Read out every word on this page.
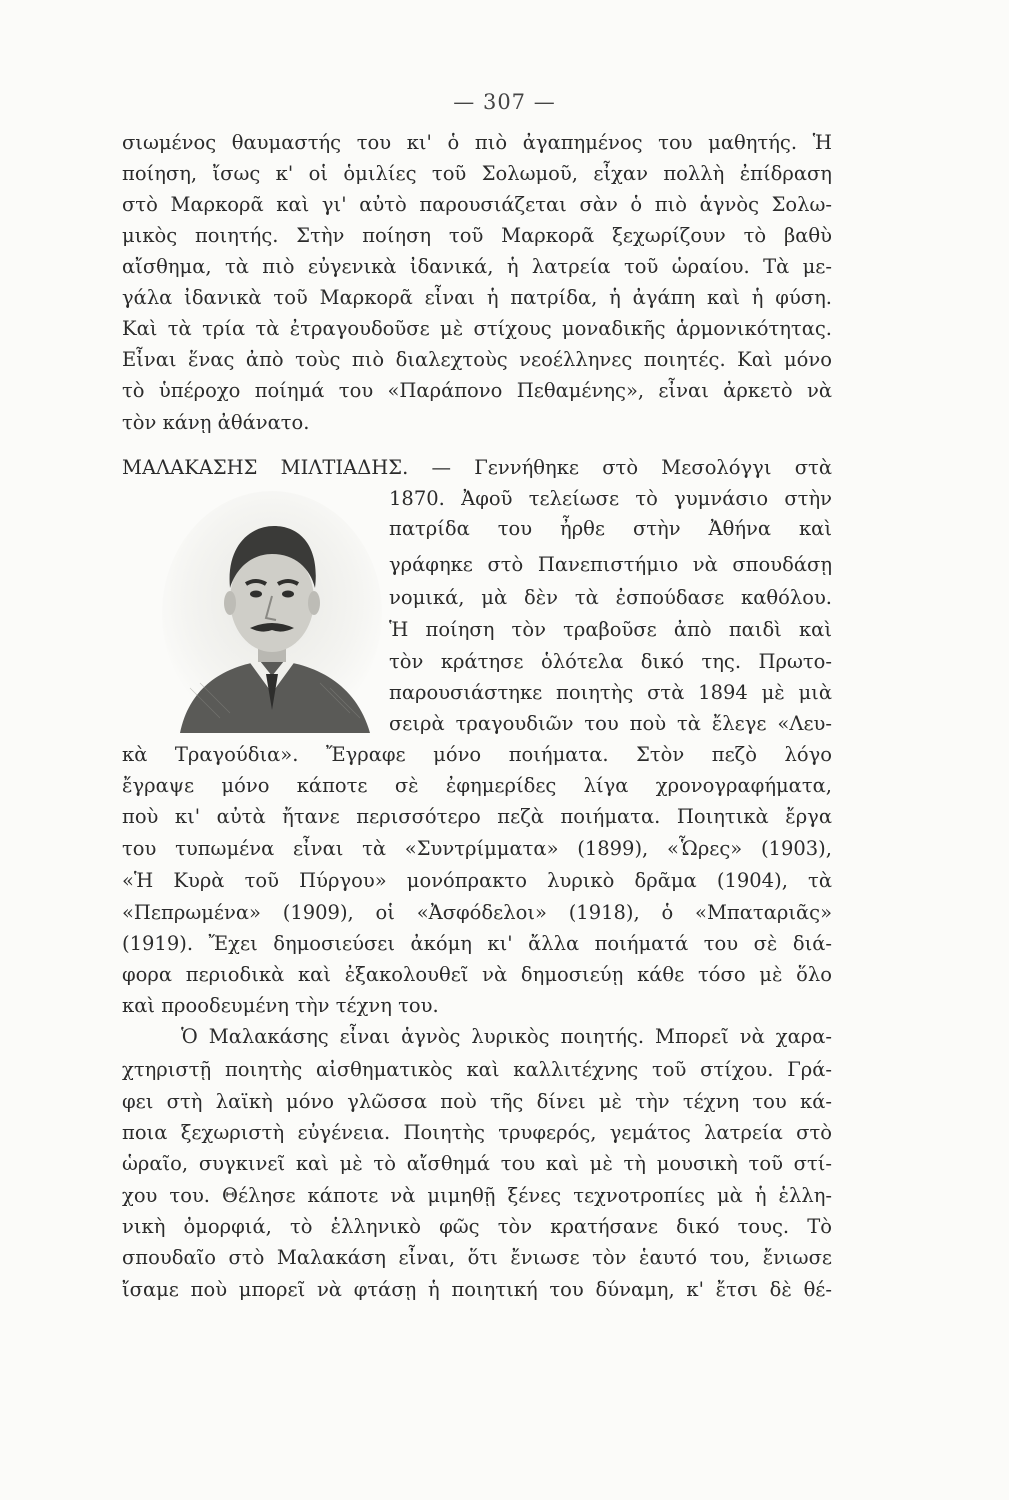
— 307 —
σιωμένος θαυμαστής του κι' ὁ πιὸ ἀγαπημένος του μαθητής. Ἡ
ποίηση, ἴσως κ' οἱ ὁμιλίες τοῦ Σολωμοῦ, εἶχαν πολλὴ ἐπίδραση
στὸ Μαρκορᾶ καὶ γι' αὐτὸ παρουσιάζεται σὰν ὁ πιὸ ἁγνὸς Σολω-
μικὸς ποιητής. Στὴν ποίηση τοῦ Μαρκορᾶ ξεχωρίζουν τὸ βαθὺ
αἴσθημα, τὰ πιὸ εὐγενικὰ ἰδανικά, ἡ λατρεία τοῦ ὡραίου. Τὰ με-
γάλα ἰδανικὰ τοῦ Μαρκορᾶ εἶναι ἡ πατρίδα, ἡ ἀγάπη καὶ ἡ φύση.
Καὶ τὰ τρία τὰ ἐτραγουδοῦσε μὲ στίχους μοναδικῆς ἁρμονικότητας.
Εἶναι ἕνας ἀπὸ τοὺς πιὸ διαλεχτοὺς νεοέλληνες ποιητές. Καὶ μόνο
τὸ ὑπέροχο ποίημά του «Παράπονο Πεθαμένης», εἶναι ἀρκετὸ νὰ
τὸν κάνῃ ἀθάνατο.
ΜΑΛΑΚΑΣΗΣ ΜΙΛΤΙΑΔΗΣ. — Γεννήθηκε στὸ Μεσολόγγι στὰ
1870. Ἀφοῦ τελείωσε τὸ γυμνάσιο στὴν
πατρίδα του ἦρθε στὴν Ἀθήνα καὶ
γράφηκε στὸ Πανεπιστήμιο νὰ σπουδάσῃ
νομικά, μὰ δὲν τὰ ἐσπούδασε καθόλου.
Ἡ ποίηση τὸν τραβοῦσε ἀπὸ παιδὶ καὶ
τὸν κράτησε ὁλότελα δικό της. Πρωτο-
παρουσιάστηκε ποιητὴς στὰ 1894 μὲ μιὰ
σειρὰ τραγουδιῶν του ποὺ τὰ ἔλεγε «Λευ-
κὰ Τραγούδια». Ἔγραφε μόνο ποιήματα. Στὸν πεζὸ λόγο
ἔγραψε μόνο κάποτε σὲ ἐφημερίδες λίγα χρονογραφήματα,
ποὺ κι' αὐτὰ ἤτανε περισσότερο πεζὰ ποιήματα. Ποιητικὰ ἔργα
του τυπωμένα εἶναι τὰ «Συντρίμματα» (1899), «Ὧρες» (1903),
«Ἡ Κυρὰ τοῦ Πύργου» μονόπρακτο λυρικὸ δρᾶμα (1904), τὰ
«Πεπρωμένα» (1909), οἱ «Ἀσφόδελοι» (1918), ὁ «Μπαταριᾶς»
(1919). Ἔχει δημοσιεύσει ἀκόμη κι' ἄλλα ποιήματά του σὲ διά-
φορα περιοδικὰ καὶ ἐξακολουθεῖ νὰ δημοσιεύῃ κάθε τόσο μὲ ὅλο
καὶ προοδευμένη τὴν τέχνη του.
Ὁ Μαλακάσης εἶναι ἁγνὸς λυρικὸς ποιητής. Μπορεῖ νὰ χαρα-
χτηριστῇ ποιητὴς αἰσθηματικὸς καὶ καλλιτέχνης τοῦ στίχου. Γρά-
φει στὴ λαϊκὴ μόνο γλῶσσα ποὺ τῆς δίνει μὲ τὴν τέχνη του κά-
ποια ξεχωριστὴ εὐγένεια. Ποιητὴς τρυφερός, γεμάτος λατρεία στὸ
ὡραῖο, συγκινεῖ καὶ μὲ τὸ αἴσθημά του καὶ μὲ τὴ μουσικὴ τοῦ στί-
χου του. Θέλησε κάποτε νὰ μιμηθῇ ξένες τεχνοτροπίες μὰ ἡ ἑλλη-
νικὴ ὀμορφιά, τὸ ἑλληνικὸ φῶς τὸν κρατήσανε δικό τους. Τὸ
σπουδαῖο στὸ Μαλακάση εἶναι, ὅτι ἔνιωσε τὸν ἑαυτό του, ἔνιωσε
ἴσαμε ποὺ μπορεῖ νὰ φτάσῃ ἡ ποιητική του δύναμη, κ' ἔτσι δὲ θέ-
